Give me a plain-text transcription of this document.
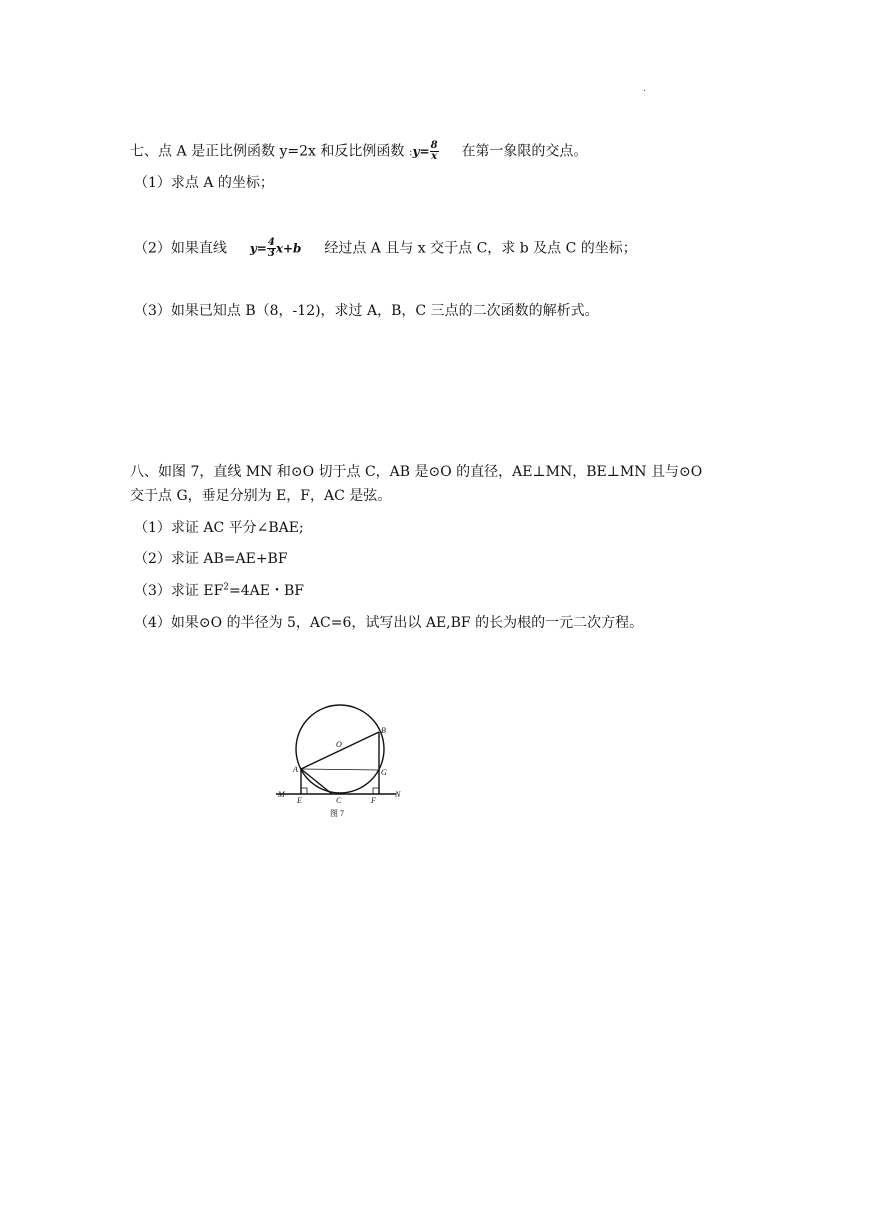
.
七、点 A 是正比例函数 y=2x 和反比例函数 :y= $\frac{8}{x}$ 在第一象限的交点。
（1）求点 A 的坐标；
（2）如果直线 $y= \frac{4}{3} x+b$ 经过点 A 且与 x 交于点 C，求 b 及点 C 的坐标；
（3）如果已知点 B（8，-12)，求过 A，B，C 三点的二次函数的解析式。
八、如图 7，直线 MN 和⊙O 切于点 C，AB 是⊙O 的直径，AE⊥MN，BE⊥MN 且与⊙O
交于点 G，垂足分别为 E，F，AC 是弦。
（1）求证 AC 平分∠BAE;
（2）求证 AB=AE+BF
（3）求证 $EF^2=4AE$・BF
（4）如果⊙O 的半径为 5，AC=6，试写出以 AE,BF 的长为根的一元二次方程。
O
A
B
G
M
E	C	F
N
图 7
